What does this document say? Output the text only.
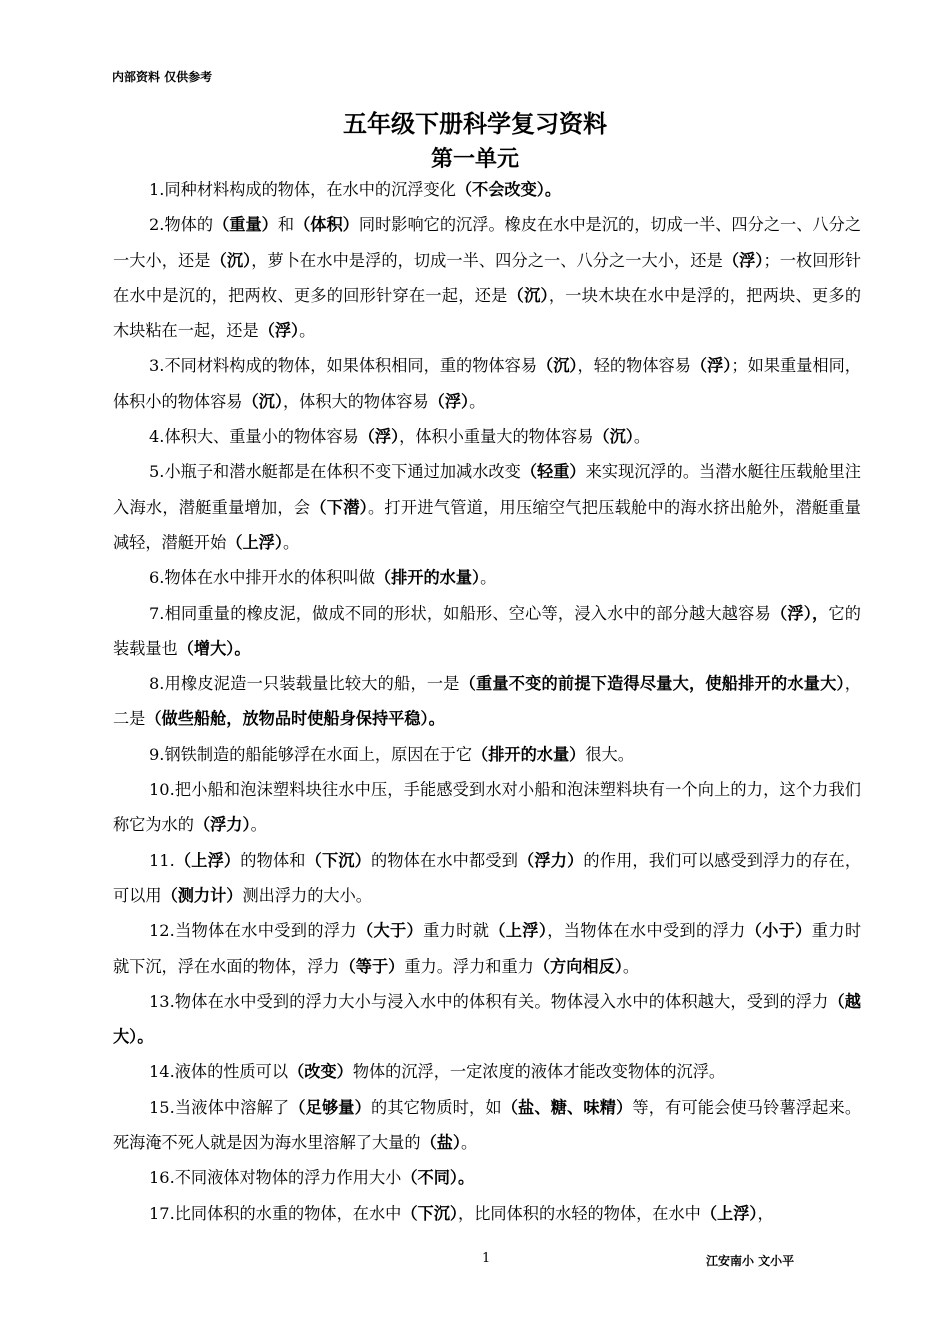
内部资料 仅供参考
五年级下册科学复习资料
第一单元

1.同种材料构成的物体，在水中的沉浮变化（不会改变）。

2.物体的（重量）和（体积）同时影响它的沉浮。橡皮在水中是沉的，切成一半、四分之一、八分之一大小，还是（沉），萝卜在水中是浮的，切成一半、四分之一、八分之一大小，还是（浮）；一枚回形针在水中是沉的，把两枚、更多的回形针穿在一起，还是（沉），一块木块在水中是浮的，把两块、更多的木块粘在一起，还是（浮）。

3.不同材料构成的物体，如果体积相同，重的物体容易（沉），轻的物体容易（浮）；如果重量相同，体积小的物体容易（沉），体积大的物体容易（浮）。

4.体积大、重量小的物体容易（浮），体积小重量大的物体容易（沉）。

5.小瓶子和潜水艇都是在体积不变下通过加减水改变（轻重）来实现沉浮的。当潜水艇往压载舱里注入海水，潜艇重量增加，会（下潜）。打开进气管道，用压缩空气把压载舱中的海水挤出舱外，潜艇重量减轻，潜艇开始（上浮）。

6.物体在水中排开水的体积叫做（排开的水量）。

7.相同重量的橡皮泥，做成不同的形状，如船形、空心等，浸入水中的部分越大越容易（浮），它的装载量也（增大）。

8.用橡皮泥造一只装载量比较大的船，一是（重量不变的前提下造得尽量大，使船排开的水量大），二是（做些船舱，放物品时使船身保持平稳）。

9.钢铁制造的船能够浮在水面上，原因在于它（排开的水量）很大。

10.把小船和泡沫塑料块往水中压，手能感受到水对小船和泡沫塑料块有一个向上的力，这个力我们称它为水的（浮力）。

11.（上浮）的物体和（下沉）的物体在水中都受到（浮力）的作用，我们可以感受到浮力的存在，可以用（测力计）测出浮力的大小。

12.当物体在水中受到的浮力（大于）重力时就（上浮），当物体在水中受到的浮力（小于）重力时就下沉，浮在水面的物体，浮力（等于）重力。浮力和重力（方向相反）。

13.物体在水中受到的浮力大小与浸入水中的体积有关。物体浸入水中的体积越大，受到的浮力（越大）。

14.液体的性质可以（改变）物体的沉浮，一定浓度的液体才能改变物体的沉浮。

15.当液体中溶解了（足够量）的其它物质时，如（盐、糖、味精）等，有可能会使马铃薯浮起来。死海淹不死人就是因为海水里溶解了大量的（盐）。

16.不同液体对物体的浮力作用大小（不同）。

17.比同体积的水重的物体，在水中（下沉），比同体积的水轻的物体，在水中（上浮），

1	江安南小 文小平
